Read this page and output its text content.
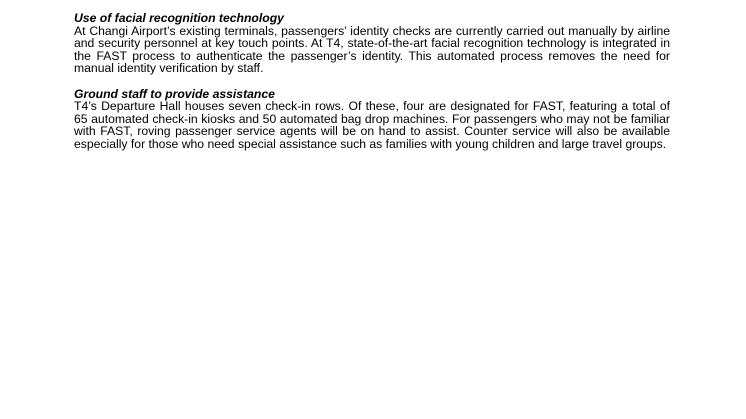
Use of facial recognition technology

At Changi Airport’s existing terminals, passengers’ identity checks are currently carried out manually by airline and security personnel at key touch points. At T4, state-of-the-art facial recognition technology is integrated in the FAST process to authenticate the passenger’s identity. This automated process removes the need for manual identity verification by staff.

Ground staff to provide assistance

T4’s Departure Hall houses seven check-in rows. Of these, four are designated for FAST, featuring a total of 65 automated check-in kiosks and 50 automated bag drop machines. For passengers who may not be familiar with FAST, roving passenger service agents will be on hand to assist. Counter service will also be available especially for those who need special assistance such as families with young children and large travel groups.
